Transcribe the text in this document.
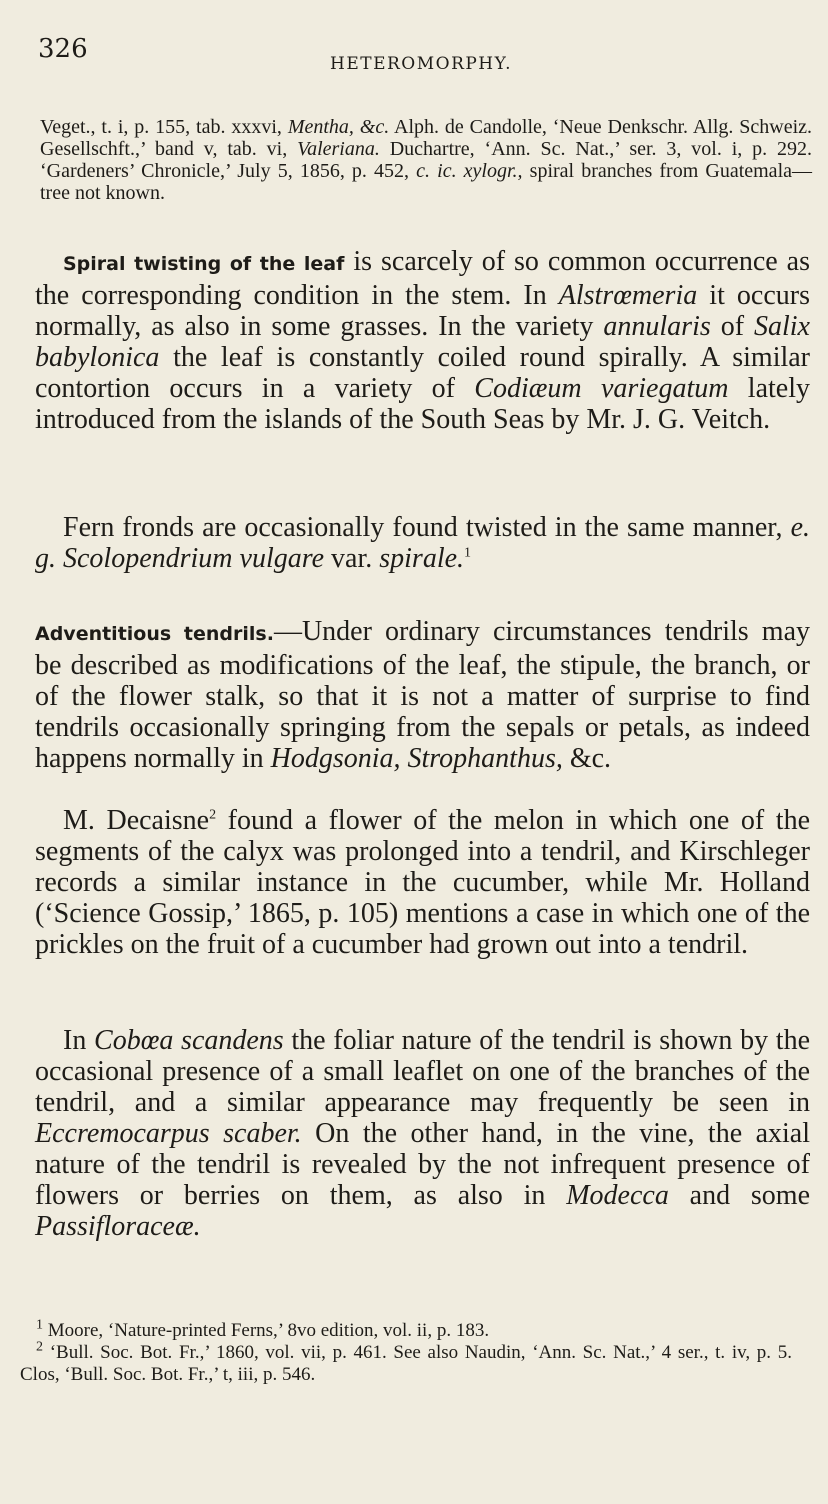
326	HETEROMORPHY.

Veget., t. i, p. 155, tab. xxxvi, Mentha, &c. Alph. de Candolle, ‘Neue Denkschr. Allg. Schweiz. Gesellschft.,’ band v, tab. vi, Valeriana. Duchartre, ‘Ann. Sc. Nat.,’ ser. 3, vol. i, p. 292. ‘Gardeners’ Chronicle,’ July 5, 1856, p. 452, c. ic. xylogr., spiral branches from Guatemala—tree not known.

Spiral twisting of the leaf is scarcely of so common occurrence as the corresponding condition in the stem. In Alstrœmeria it occurs normally, as also in some grasses. In the variety annularis of Salix babylonica the leaf is constantly coiled round spirally. A similar contortion occurs in a variety of Codiæum variegatum lately introduced from the islands of the South Seas by Mr. J. G. Veitch.

Fern fronds are occasionally found twisted in the same manner, e. g. Scolopendrium vulgare var. spirale.$^1$

Adventitious tendrils.—Under ordinary circumstances tendrils may be described as modifications of the leaf, the stipule, the branch, or of the flower stalk, so that it is not a matter of surprise to find tendrils occasionally springing from the sepals or petals, as indeed happens normally in Hodgsonia, Strophanthus, &c.

M. Decaisne$^2$ found a flower of the melon in which one of the segments of the calyx was prolonged into a tendril, and Kirschleger records a similar instance in the cucumber, while Mr. Holland (‘Science Gossip,’ 1865, p. 105) mentions a case in which one of the prickles on the fruit of a cucumber had grown out into a tendril.

In Cobœa scandens the foliar nature of the tendril is shown by the occasional presence of a small leaflet on one of the branches of the tendril, and a similar appearance may frequently be seen in Eccremocarpus scaber. On the other hand, in the vine, the axial nature of the tendril is revealed by the not infrequent presence of flowers or berries on them, as also in Modecca and some Passifloraceæ.

$^1$ Moore, ‘Nature-printed Ferns,’ 8vo edition, vol. ii, p. 183.

$^2$ ‘Bull. Soc. Bot. Fr.,’ 1860, vol. vii, p. 461. See also Naudin, ‘Ann. Sc. Nat.,’ 4 ser., t. iv, p. 5. Clos, ‘Bull. Soc. Bot. Fr.,’ t, iii, p. 546.
